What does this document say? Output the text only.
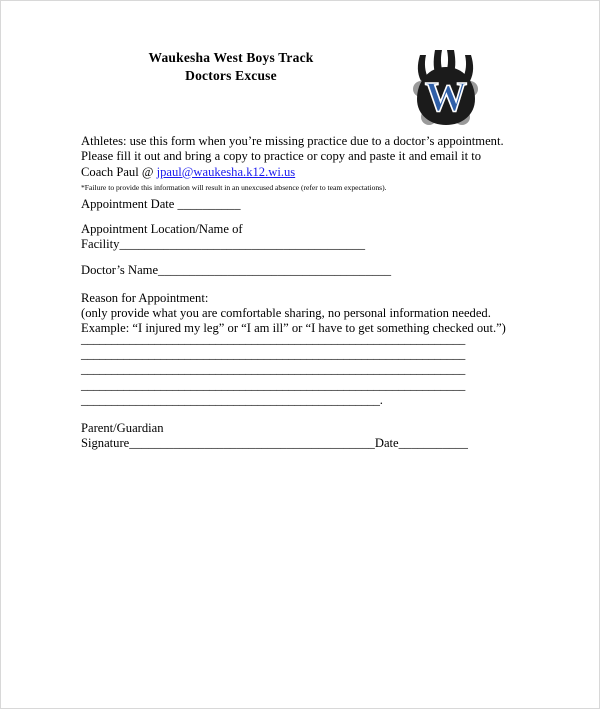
Waukesha West Boys Track
Doctors Excuse	W
Athletes: use this form when you’re missing practice due to a doctor’s appointment.
Please fill it out and bring a copy to practice or copy and paste it and email it to
Coach Paul @ jpaul@waukesha.k12.wi.us
*Failure to provide this information will result in an unexcused absence (refer to team expectations).
Appointment Date __________
Appointment Location/Name of
Facility_______________________________________
Doctor’s Name_____________________________________
Reason for Appointment:
(only provide what you are comfortable sharing, no personal information needed.
Example: “I injured my leg” or “I am ill” or “I have to get something checked out.”)
_______________________________________________________________
_______________________________________________________________
_______________________________________________________________
_______________________________________________________________
_________________________________________________.
Parent/Guardian
Signature_______________________________________Date___________
